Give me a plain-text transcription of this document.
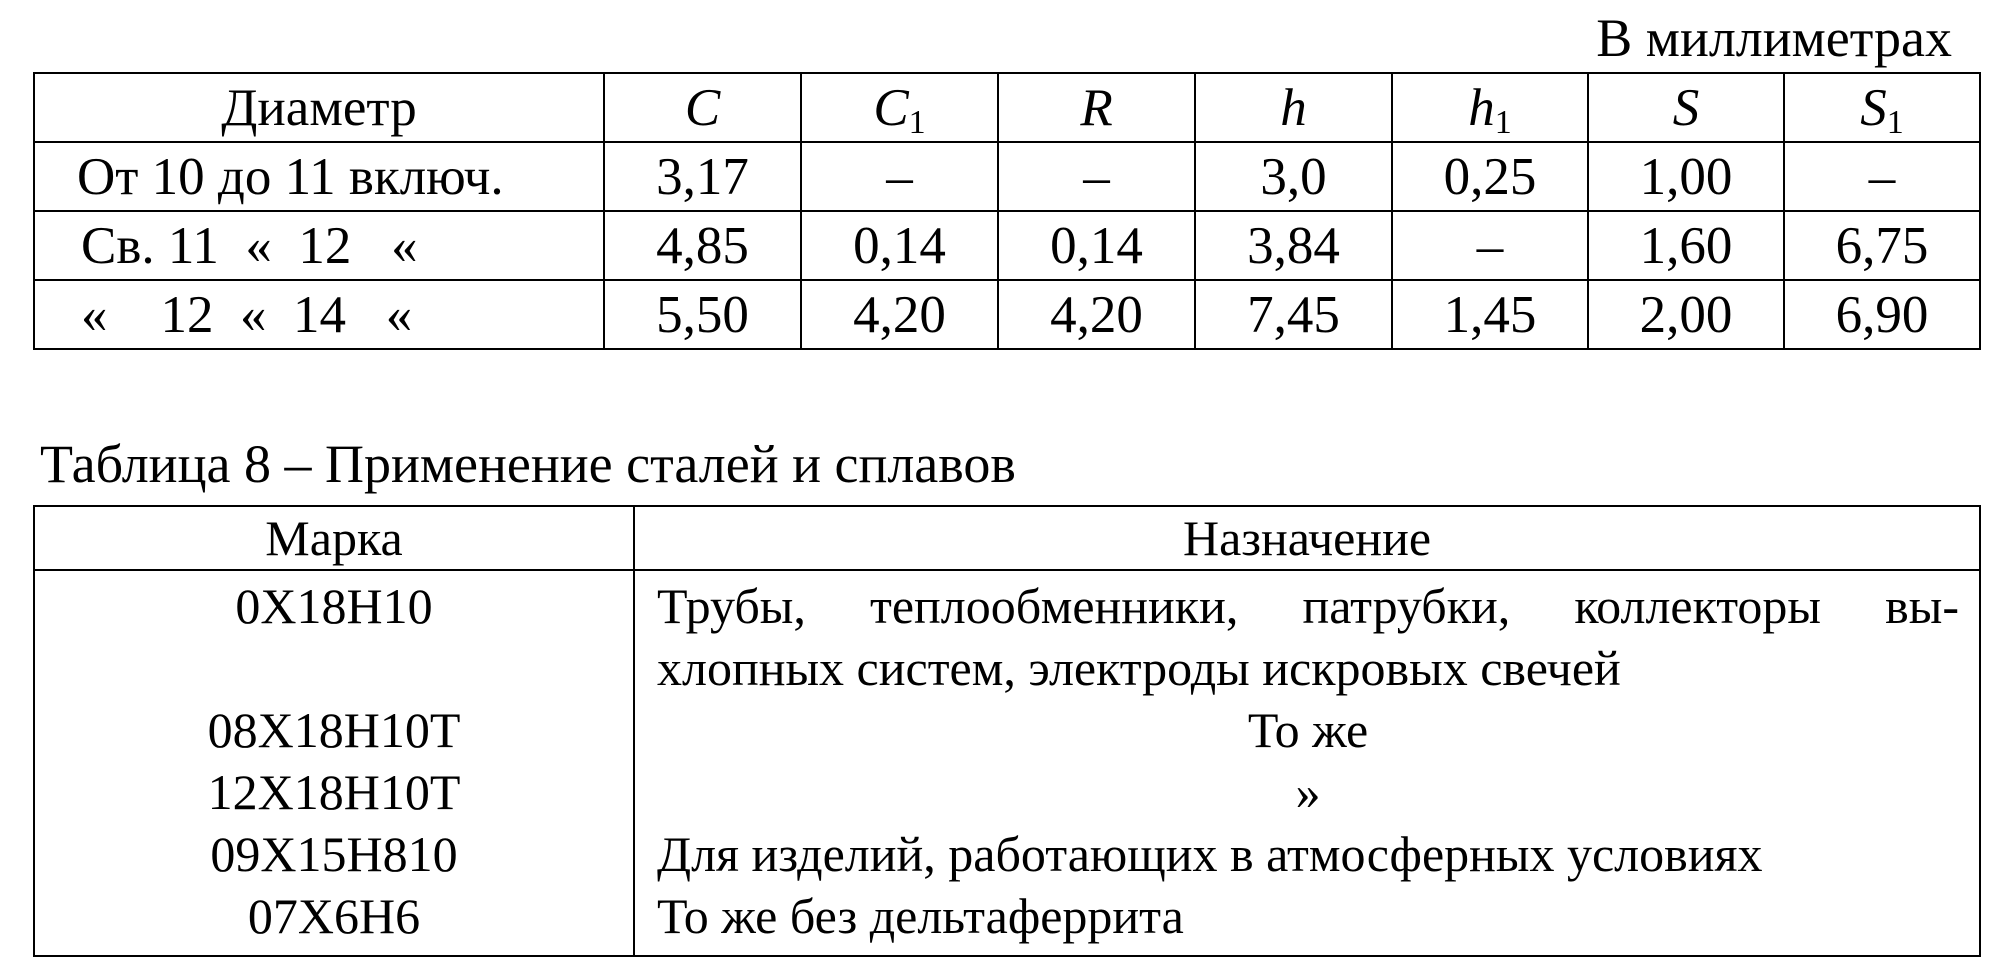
В миллиметрах
Диаметр	C	$C_1$	R	h	$h_1$	S	$S_1$
От 10 до 11 включ.	3,17	–	–	3,0	0,25	1,00	–
Св. 11  «  12   «	4,85	0,14	0,14	3,84	–	1,60	6,75
«    12  «  14   «	5,50	4,20	4,20	7,45	1,45	2,00	6,90
Таблица 8 – Применение сталей и сплавов
Марка	Назначение
0Х18Н10	Трубы, теплообменники, патрубки, коллекторы вы-
хлопных систем, электроды искровых свечей

08Х18Н10Т	То же
12Х18Н10Т	»
09Х15Н810	Для изделий, работающих в атмосферных условиях
07Х6Н6	То же без дельтаферрита
